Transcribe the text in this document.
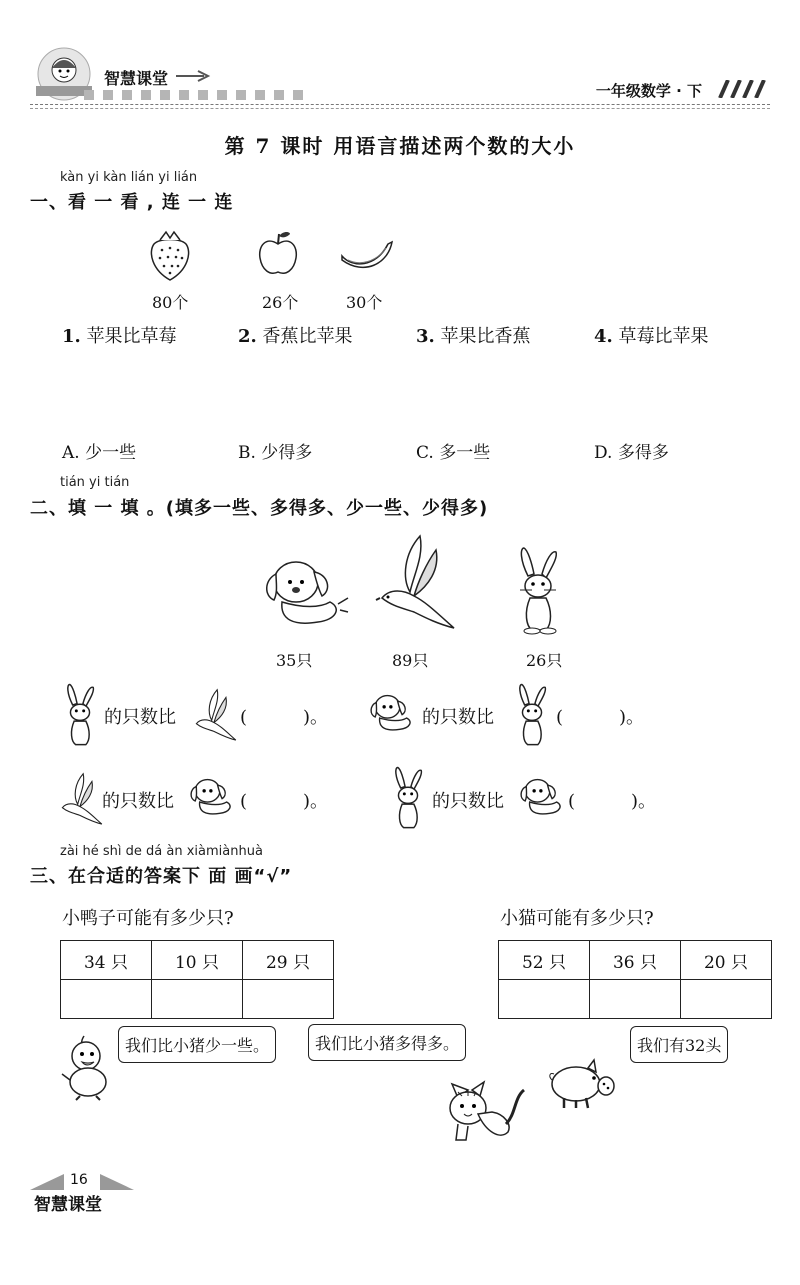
智慧课堂
一年级数学 · 下
第 7 课时 用语言描述两个数的大小
kàn yi kàn lián yi lián
一、看 一 看 , 连 一 连
80个	26个	30个
1. 苹果比草莓	2. 香蕉比苹果	3. 苹果比香蕉	4. 草莓比苹果
A. 少一些	B. 少得多	C. 多一些	D. 多得多
tián yi tián
二、填 一 填 。(填多一些、多得多、少一些、少得多)
35只	89只	26只
的只数比	(	)。	的只数比	(	)。
的只数比	(	)。	的只数比	(	)。
zài hé shì de dá àn xiàmiànhuà
三、在合适的答案下 面 画“√”
小鸭子可能有多少只?	小猫可能有多少只?
34 只	10 只	29 只
			52 只	36 只	20 只

我们比小猪少一些。	我们比小猪多得多。	我们有32头
16
智慧课堂
